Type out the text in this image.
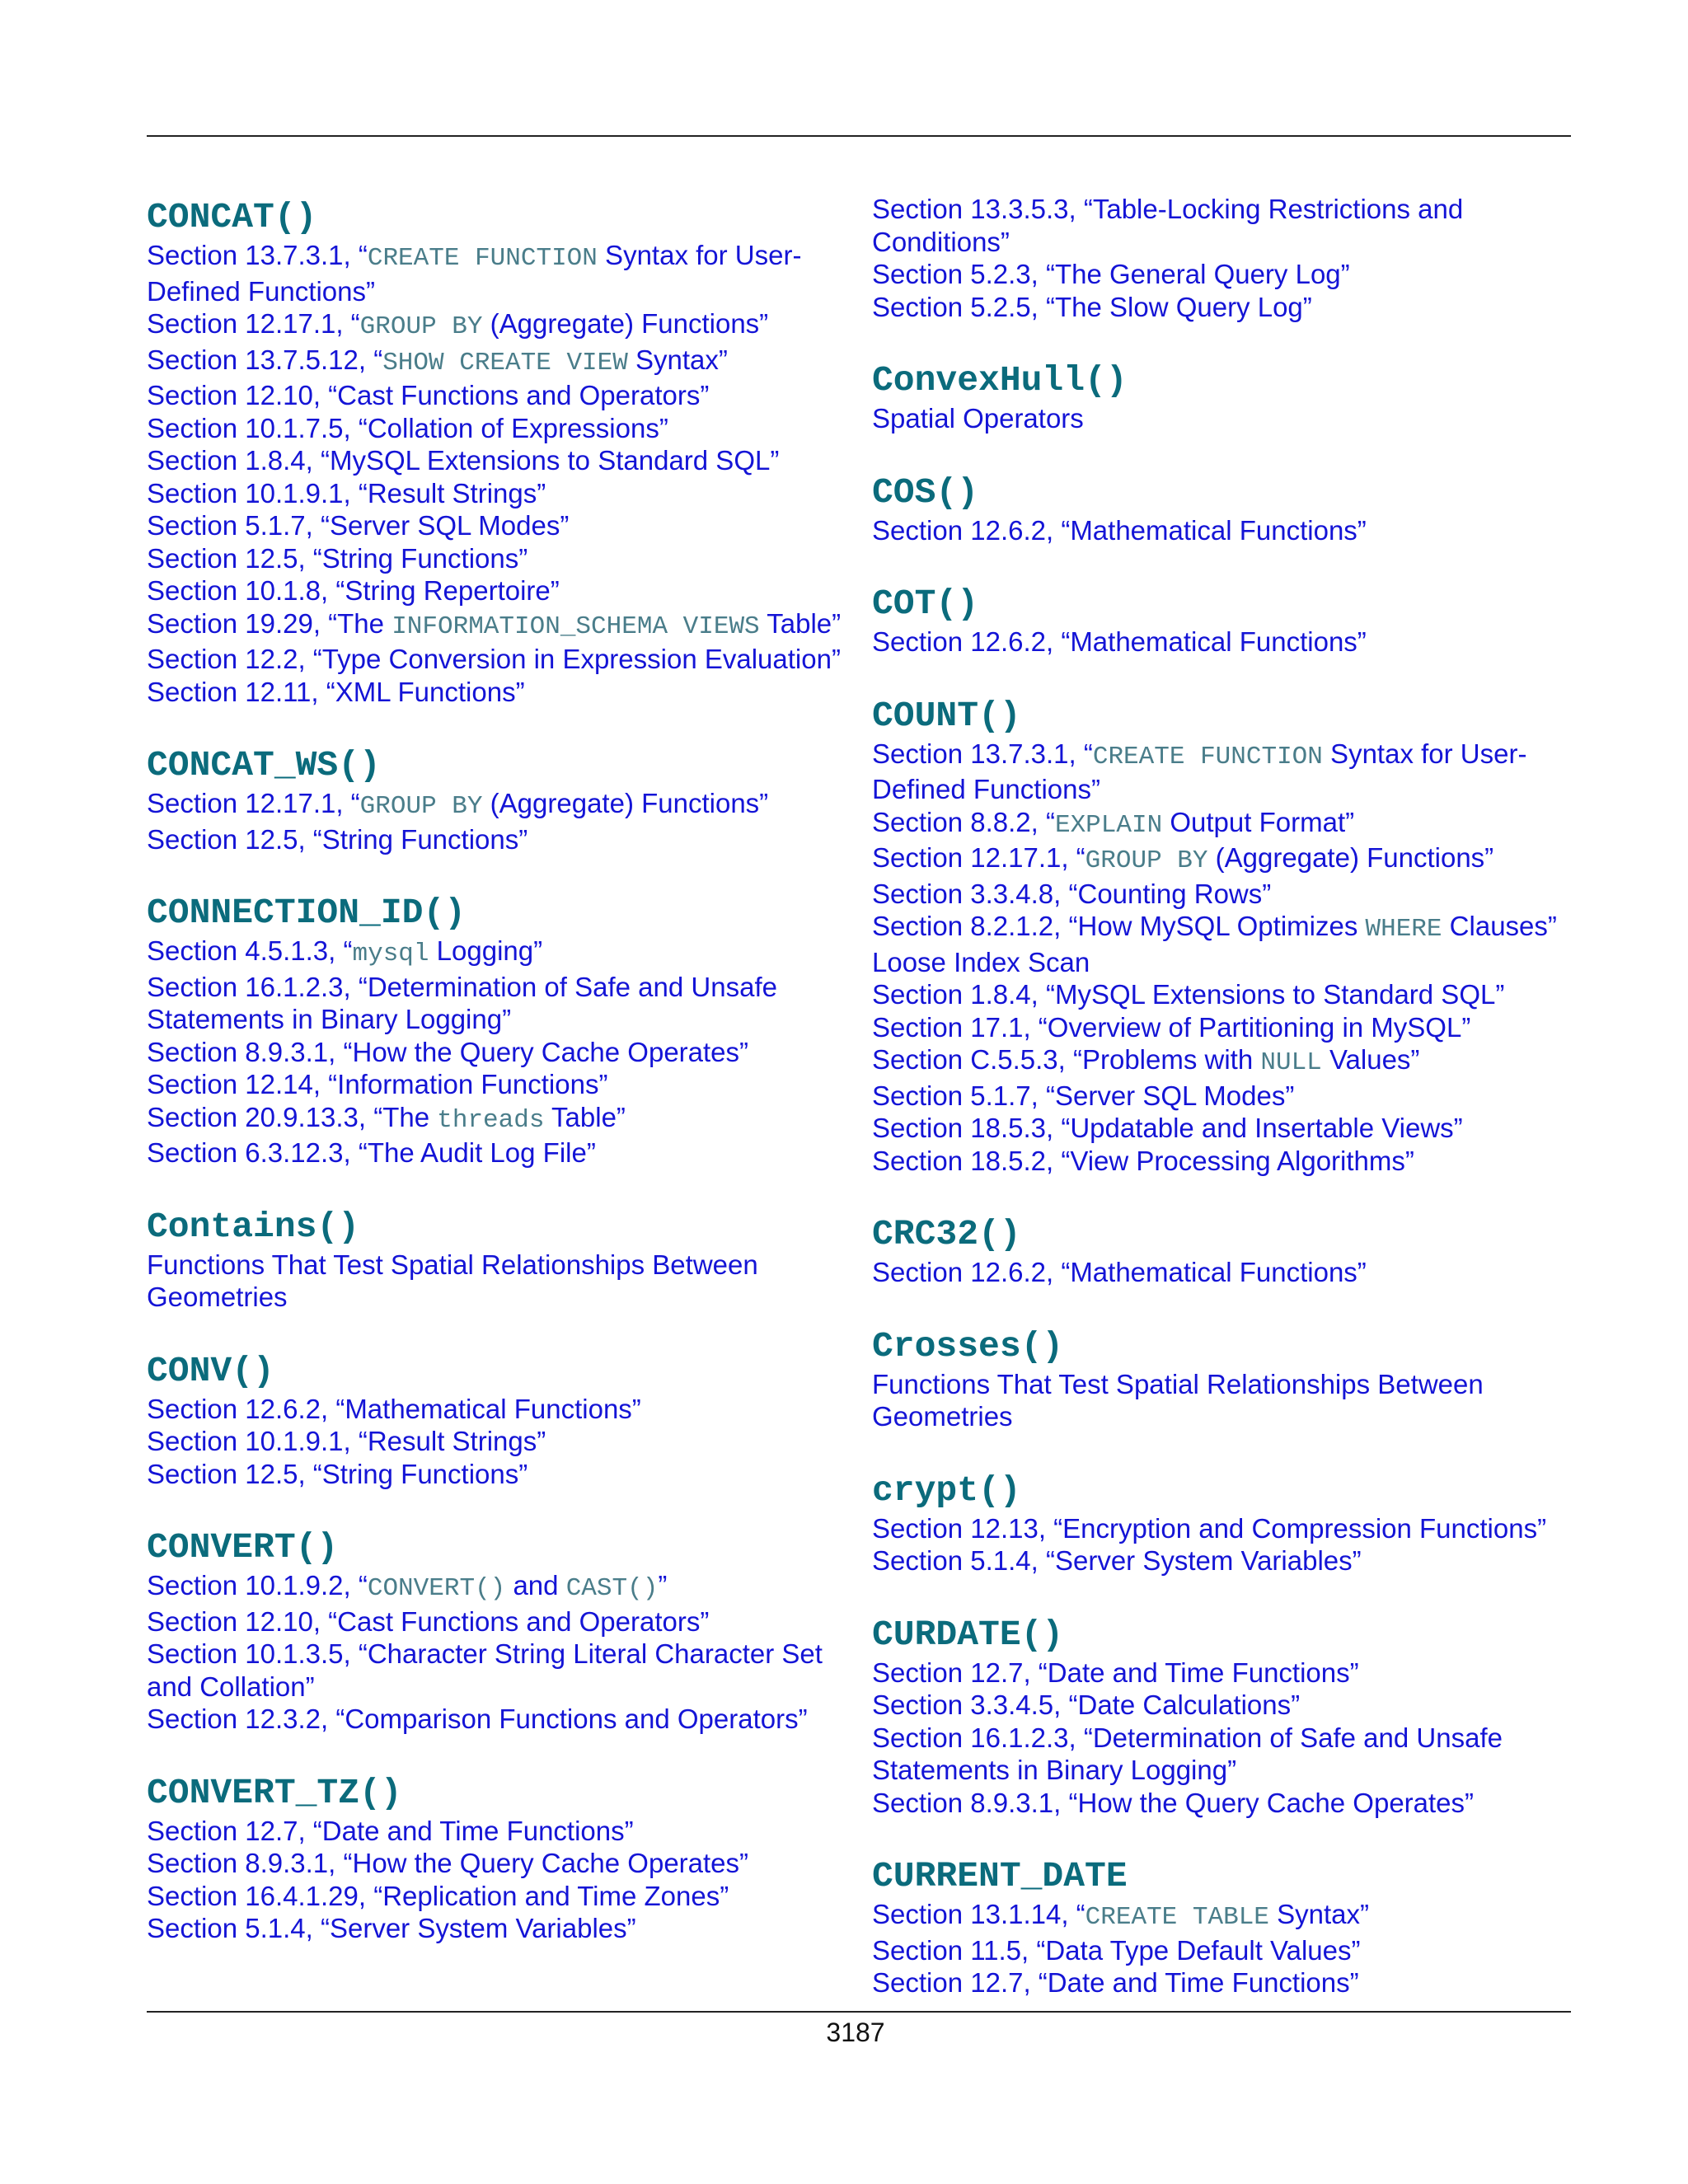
CONCAT()
Section 13.7.3.1, “CREATE FUNCTION Syntax for User-Defined Functions”
Section 12.17.1, “GROUP BY (Aggregate) Functions”
Section 13.7.5.12, “SHOW CREATE VIEW Syntax”
Section 12.10, “Cast Functions and Operators”
Section 10.1.7.5, “Collation of Expressions”
Section 1.8.4, “MySQL Extensions to Standard SQL”
Section 10.1.9.1, “Result Strings”
Section 5.1.7, “Server SQL Modes”
Section 12.5, “String Functions”
Section 10.1.8, “String Repertoire”
Section 19.29, “The INFORMATION_SCHEMA VIEWS Table”
Section 12.2, “Type Conversion in Expression Evaluation”
Section 12.11, “XML Functions”
CONCAT_WS()
Section 12.17.1, “GROUP BY (Aggregate) Functions”
Section 12.5, “String Functions”
CONNECTION_ID()
Section 4.5.1.3, “mysql Logging”
Section 16.1.2.3, “Determination of Safe and Unsafe Statements in Binary Logging”
Section 8.9.3.1, “How the Query Cache Operates”
Section 12.14, “Information Functions”
Section 20.9.13.3, “The threads Table”
Section 6.3.12.3, “The Audit Log File”
Contains()
Functions That Test Spatial Relationships Between Geometries
CONV()
Section 12.6.2, “Mathematical Functions”
Section 10.1.9.1, “Result Strings”
Section 12.5, “String Functions”
CONVERT()
Section 10.1.9.2, “CONVERT() and CAST()”
Section 12.10, “Cast Functions and Operators”
Section 10.1.3.5, “Character String Literal Character Set and Collation”
Section 12.3.2, “Comparison Functions and Operators”
CONVERT_TZ()
Section 12.7, “Date and Time Functions”
Section 8.9.3.1, “How the Query Cache Operates”
Section 16.4.1.29, “Replication and Time Zones”
Section 5.1.4, “Server System Variables”
Section 13.3.5.3, “Table-Locking Restrictions and Conditions”
Section 5.2.3, “The General Query Log”
Section 5.2.5, “The Slow Query Log”
ConvexHull()
Spatial Operators
COS()
Section 12.6.2, “Mathematical Functions”
COT()
Section 12.6.2, “Mathematical Functions”
COUNT()
Section 13.7.3.1, “CREATE FUNCTION Syntax for User-Defined Functions”
Section 8.8.2, “EXPLAIN Output Format”
Section 12.17.1, “GROUP BY (Aggregate) Functions”
Section 3.3.4.8, “Counting Rows”
Section 8.2.1.2, “How MySQL Optimizes WHERE Clauses”
Loose Index Scan
Section 1.8.4, “MySQL Extensions to Standard SQL”
Section 17.1, “Overview of Partitioning in MySQL”
Section C.5.5.3, “Problems with NULL Values”
Section 5.1.7, “Server SQL Modes”
Section 18.5.3, “Updatable and Insertable Views”
Section 18.5.2, “View Processing Algorithms”
CRC32()
Section 12.6.2, “Mathematical Functions”
Crosses()
Functions That Test Spatial Relationships Between Geometries
crypt()
Section 12.13, “Encryption and Compression Functions”
Section 5.1.4, “Server System Variables”
CURDATE()
Section 12.7, “Date and Time Functions”
Section 3.3.4.5, “Date Calculations”
Section 16.1.2.3, “Determination of Safe and Unsafe Statements in Binary Logging”
Section 8.9.3.1, “How the Query Cache Operates”
CURRENT_DATE
Section 13.1.14, “CREATE TABLE Syntax”
Section 11.5, “Data Type Default Values”
Section 12.7, “Date and Time Functions”
3187
